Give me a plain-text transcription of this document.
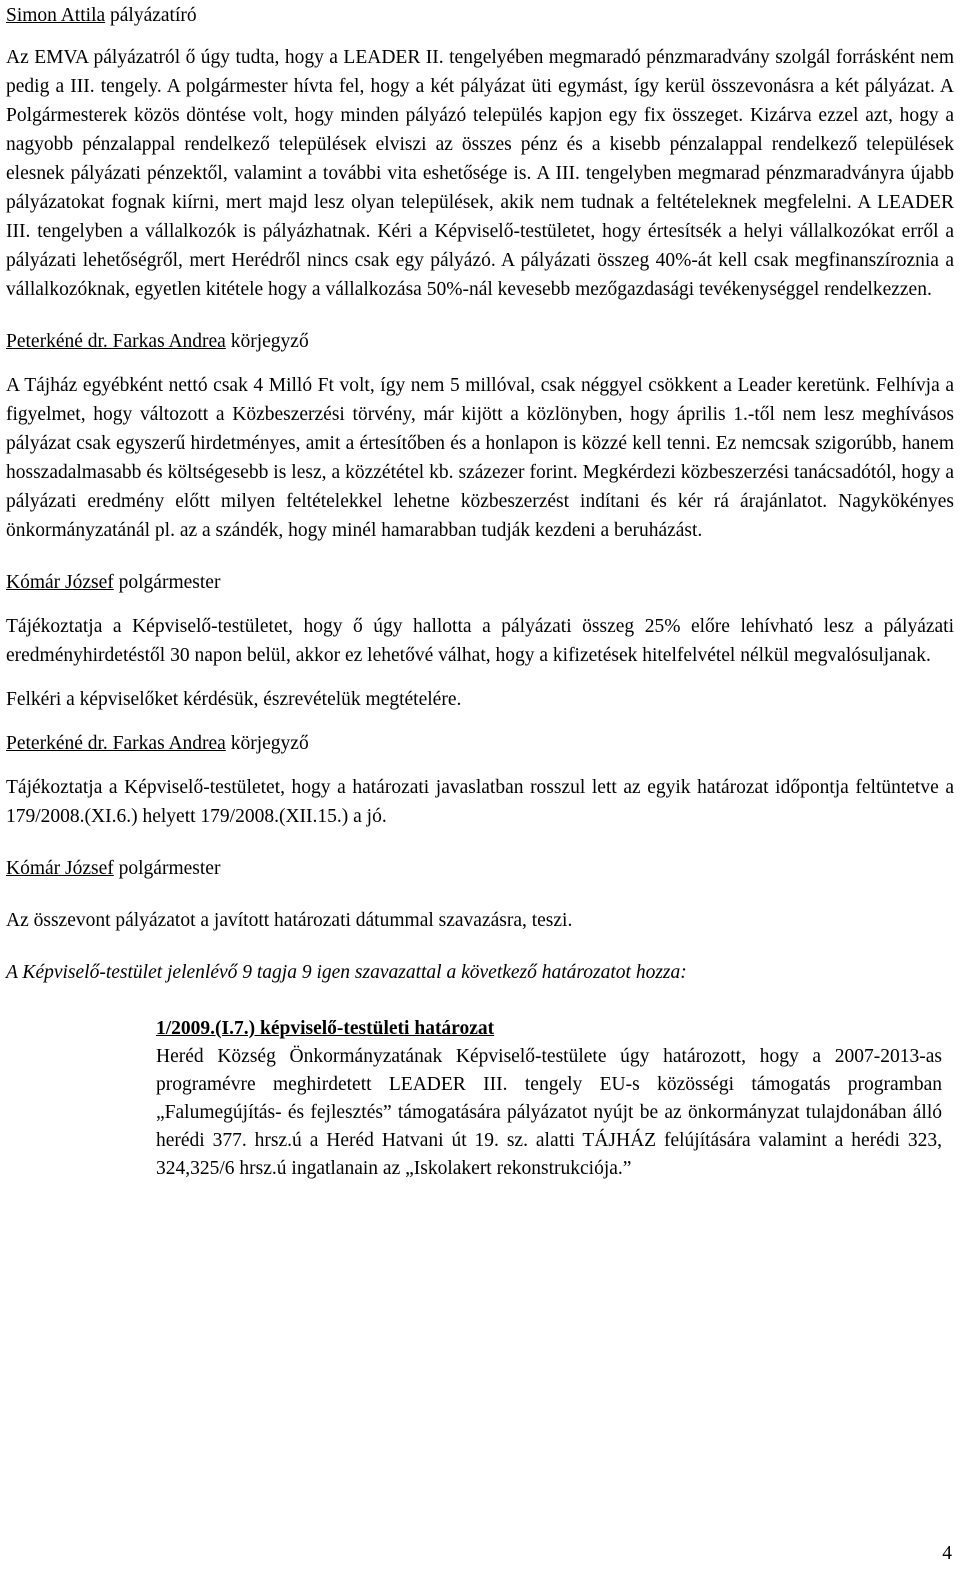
Simon Attila pályázatíró

Az EMVA pályázatról ő úgy tudta, hogy a LEADER II. tengelyében megmaradó pénzmaradvány szolgál forrásként nem pedig a III. tengely. A polgármester hívta fel, hogy a két pályázat üti egymást, így kerül összevonásra a két pályázat. A Polgármesterek közös döntése volt, hogy minden pályázó település kapjon egy fix összeget. Kizárva ezzel azt, hogy a nagyobb pénzalappal rendelkező települések elviszi az összes pénz és a kisebb pénzalappal rendelkező települések elesnek pályázati pénzektől, valamint a további vita eshetősége is. A III. tengelyben megmarad pénzmaradványra újabb pályázatokat fognak kiírni, mert majd lesz olyan települések, akik nem tudnak a feltételeknek megfelelni. A LEADER III. tengelyben a vállalkozók is pályázhatnak. Kéri a Képviselő-testületet, hogy értesítsék a helyi vállalkozókat erről a pályázati lehetőségről, mert Herédről nincs csak egy pályázó. A pályázati összeg 40%-át kell csak megfinanszíroznia a vállalkozóknak, egyetlen kitétele hogy a vállalkozása 50%-nál kevesebb mezőgazdasági tevékenységgel rendelkezzen.

Peterkéné dr. Farkas Andrea körjegyző

A Tájház egyébként nettó csak 4 Milló Ft volt, így nem 5 millóval, csak néggyel csökkent a Leader keretünk. Felhívja a figyelmet, hogy változott a Közbeszerzési törvény, már kijött a közlönyben, hogy április 1.-től nem lesz meghívásos pályázat csak egyszerű hirdetményes, amit a értesítőben és a honlapon is közzé kell tenni. Ez nemcsak szigorúbb, hanem hosszadalmasabb és költségesebb is lesz, a közzététel kb. százezer forint. Megkérdezi közbeszerzési tanácsadótól, hogy a pályázati eredmény előtt milyen feltételekkel lehetne közbeszerzést indítani és kér rá árajánlatot. Nagykökényes önkormányzatánál pl. az a szándék, hogy minél hamarabban tudják kezdeni a beruházást.

Kómár József polgármester

Tájékoztatja a Képviselő-testületet, hogy ő úgy hallotta a pályázati összeg 25% előre lehívható lesz a pályázati eredményhirdetéstől 30 napon belül, akkor ez lehetővé válhat, hogy a kifizetések hitelfelvétel nélkül megvalósuljanak.

Felkéri a képviselőket kérdésük, észrevételük megtételére.

Peterkéné dr. Farkas Andrea körjegyző

Tájékoztatja a Képviselő-testületet, hogy a határozati javaslatban rosszul lett az egyik határozat időpontja feltüntetve a 179/2008.(XI.6.) helyett 179/2008.(XII.15.) a jó.

Kómár József polgármester

Az összevont pályázatot a javított határozati dátummal szavazásra, teszi.

A Képviselő-testület jelenlévő 9 tagja 9 igen szavazattal a következő határozatot hozza:

1/2009.(I.7.) képviselő-testületi határozat

Heréd Község Önkormányzatának Képviselő-testülete úgy határozott, hogy a 2007-2013-as programévre meghirdetett LEADER III. tengely EU-s közösségi támogatás programban „Falumegújítás- és fejlesztés” támogatására pályázatot nyújt be az önkormányzat tulajdonában álló herédi 377. hrsz.ú a Heréd Hatvani út 19. sz. alatti TÁJHÁZ felújítására valamint a herédi 323, 324,325/6 hrsz.ú ingatlanain az „Iskolakert rekonstrukciója.”

4
